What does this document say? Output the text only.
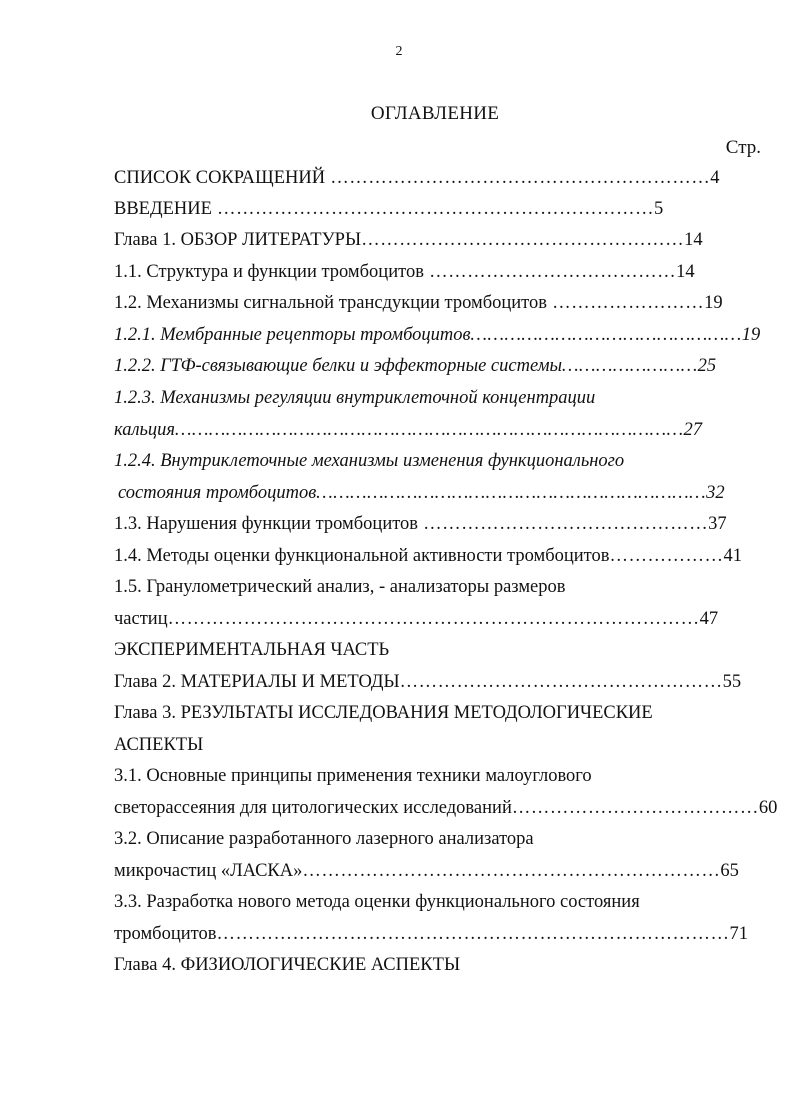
2
ОГЛАВЛЕНИЕ
Стр.
СПИСОК СОКРАЩЕНИЙ ……………………………………………………4
ВВЕДЕНИЕ ……………………………………………………………5
Глава 1. ОБЗОР ЛИТЕРАТУРЫ……………………………………………14
1.1. Структура и функции тромбоцитов …………………………………14
1.2. Механизмы сигнальной трансдукции тромбоцитов ……………………19
1.2.1. Мембранные рецепторы тромбоцитов…………………………………………19
1.2.2. ГТФ-связывающие белки и эффекторные системы……………………25
1.2.3. Механизмы регуляции внутриклеточной концентрации
кальция………………………………………………………………………………27
1.2.4. Внутриклеточные механизмы изменения функционального
состояния тромбоцитов……………………………………………………………32
1.3. Нарушения функции тромбоцитов ………………………………………37
1.4. Методы оценки функциональной активности тромбоцитов………………41
1.5. Гранулометрический анализ, - анализаторы размеров
частиц…………………………………………………………………………47
ЭКСПЕРИМЕНТАЛЬНАЯ ЧАСТЬ
Глава 2. МАТЕРИАЛЫ И МЕТОДЫ……………………………………………55
Глава 3. РЕЗУЛЬТАТЫ ИССЛЕДОВАНИЯ МЕТОДОЛОГИЧЕСКИЕ
АСПЕКТЫ
3.1. Основные принципы применения техники малоуглового
светорассеяния для цитологических исследований…………………………………60
3.2. Описание разработанного лазерного анализатора
микрочастиц «ЛАСКА»…………………………………………………………65
3.3. Разработка нового метода оценки функционального состояния
тромбоцитов………………………………………………………………………71
Глава 4. ФИЗИОЛОГИЧЕСКИЕ АСПЕКТЫ
